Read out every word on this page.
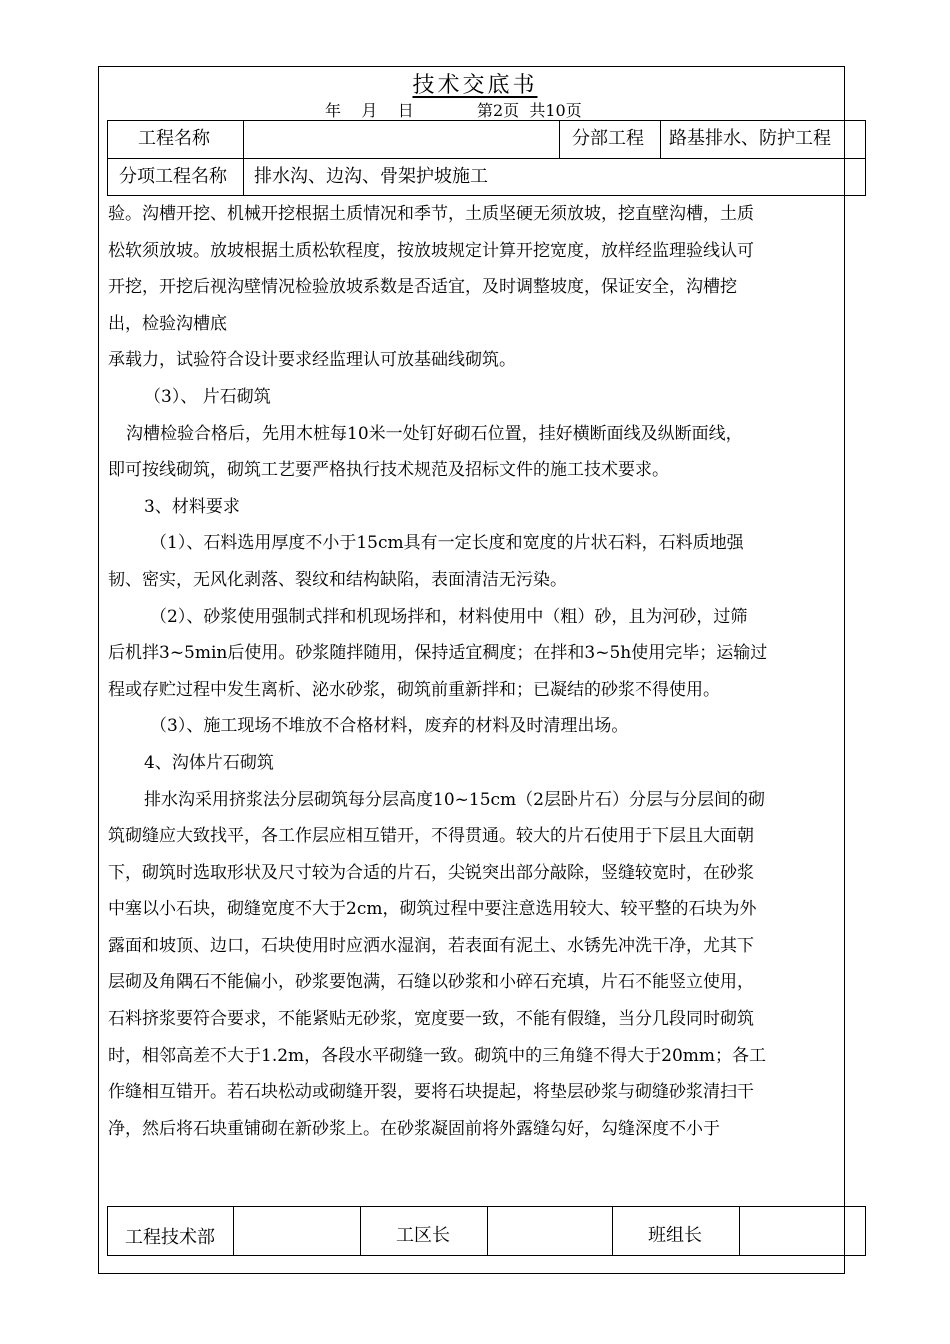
技术交底书
年    月    日	第2页  共10页
工程名称	分部工程 路基排水、防护工程
分项工程名称 排水沟、边沟、骨架护坡施工

验。沟槽开挖、机械开挖根据土质情况和季节，土质坚硬无须放坡，挖直壁沟槽，土质

松软须放坡。放坡根据土质松软程度，按放坡规定计算开挖宽度，放样经监理验线认可

开挖，开挖后视沟壁情况检验放坡系数是否适宜，及时调整坡度，保证安全，沟槽挖

出，检验沟槽底

承载力，试验符合设计要求经监理认可放基础线砌筑。

（3）、 片石砌筑

沟槽检验合格后，先用木桩每10米一处钉好砌石位置，挂好横断面线及纵断面线，

即可按线砌筑，砌筑工艺要严格执行技术规范及招标文件的施工技术要求。

3、材料要求

（1）、石料选用厚度不小于15cm具有一定长度和宽度的片状石料，石料质地强

韧、密实，无风化剥落、裂纹和结构缺陷，表面清洁无污染。

（2）、砂浆使用强制式拌和机现场拌和，材料使用中（粗）砂，且为河砂，过筛

后机拌3~5min后使用。砂浆随拌随用，保持适宜稠度；在拌和3~5h使用完毕；运输过

程或存贮过程中发生离析、泌水砂浆，砌筑前重新拌和；已凝结的砂浆不得使用。

（3）、施工现场不堆放不合格材料，废弃的材料及时清理出场。

4、沟体片石砌筑

排水沟采用挤浆法分层砌筑每分层高度10~15cm（2层卧片石）分层与分层间的砌

筑砌缝应大致找平，各工作层应相互错开，不得贯通。较大的片石使用于下层且大面朝

下，砌筑时选取形状及尺寸较为合适的片石，尖锐突出部分敲除，竖缝较宽时，在砂浆

中塞以小石块，砌缝宽度不大于2cm，砌筑过程中要注意选用较大、较平整的石块为外

露面和坡顶、边口，石块使用时应洒水湿润，若表面有泥土、水锈先冲洗干净，尤其下

层砌及角隅石不能偏小，砂浆要饱满，石缝以砂浆和小碎石充填，片石不能竖立使用，

石料挤浆要符合要求，不能紧贴无砂浆，宽度要一致，不能有假缝，当分几段同时砌筑

时，相邻高差不大于1.2m，各段水平砌缝一致。砌筑中的三角缝不得大于20mm；各工

作缝相互错开。若石块松动或砌缝开裂，要将石块提起，将垫层砂浆与砌缝砂浆清扫干

净，然后将石块重铺砌在新砂浆上。在砂浆凝固前将外露缝勾好，勾缝深度不小于

工程技术部	工区长	班组长
